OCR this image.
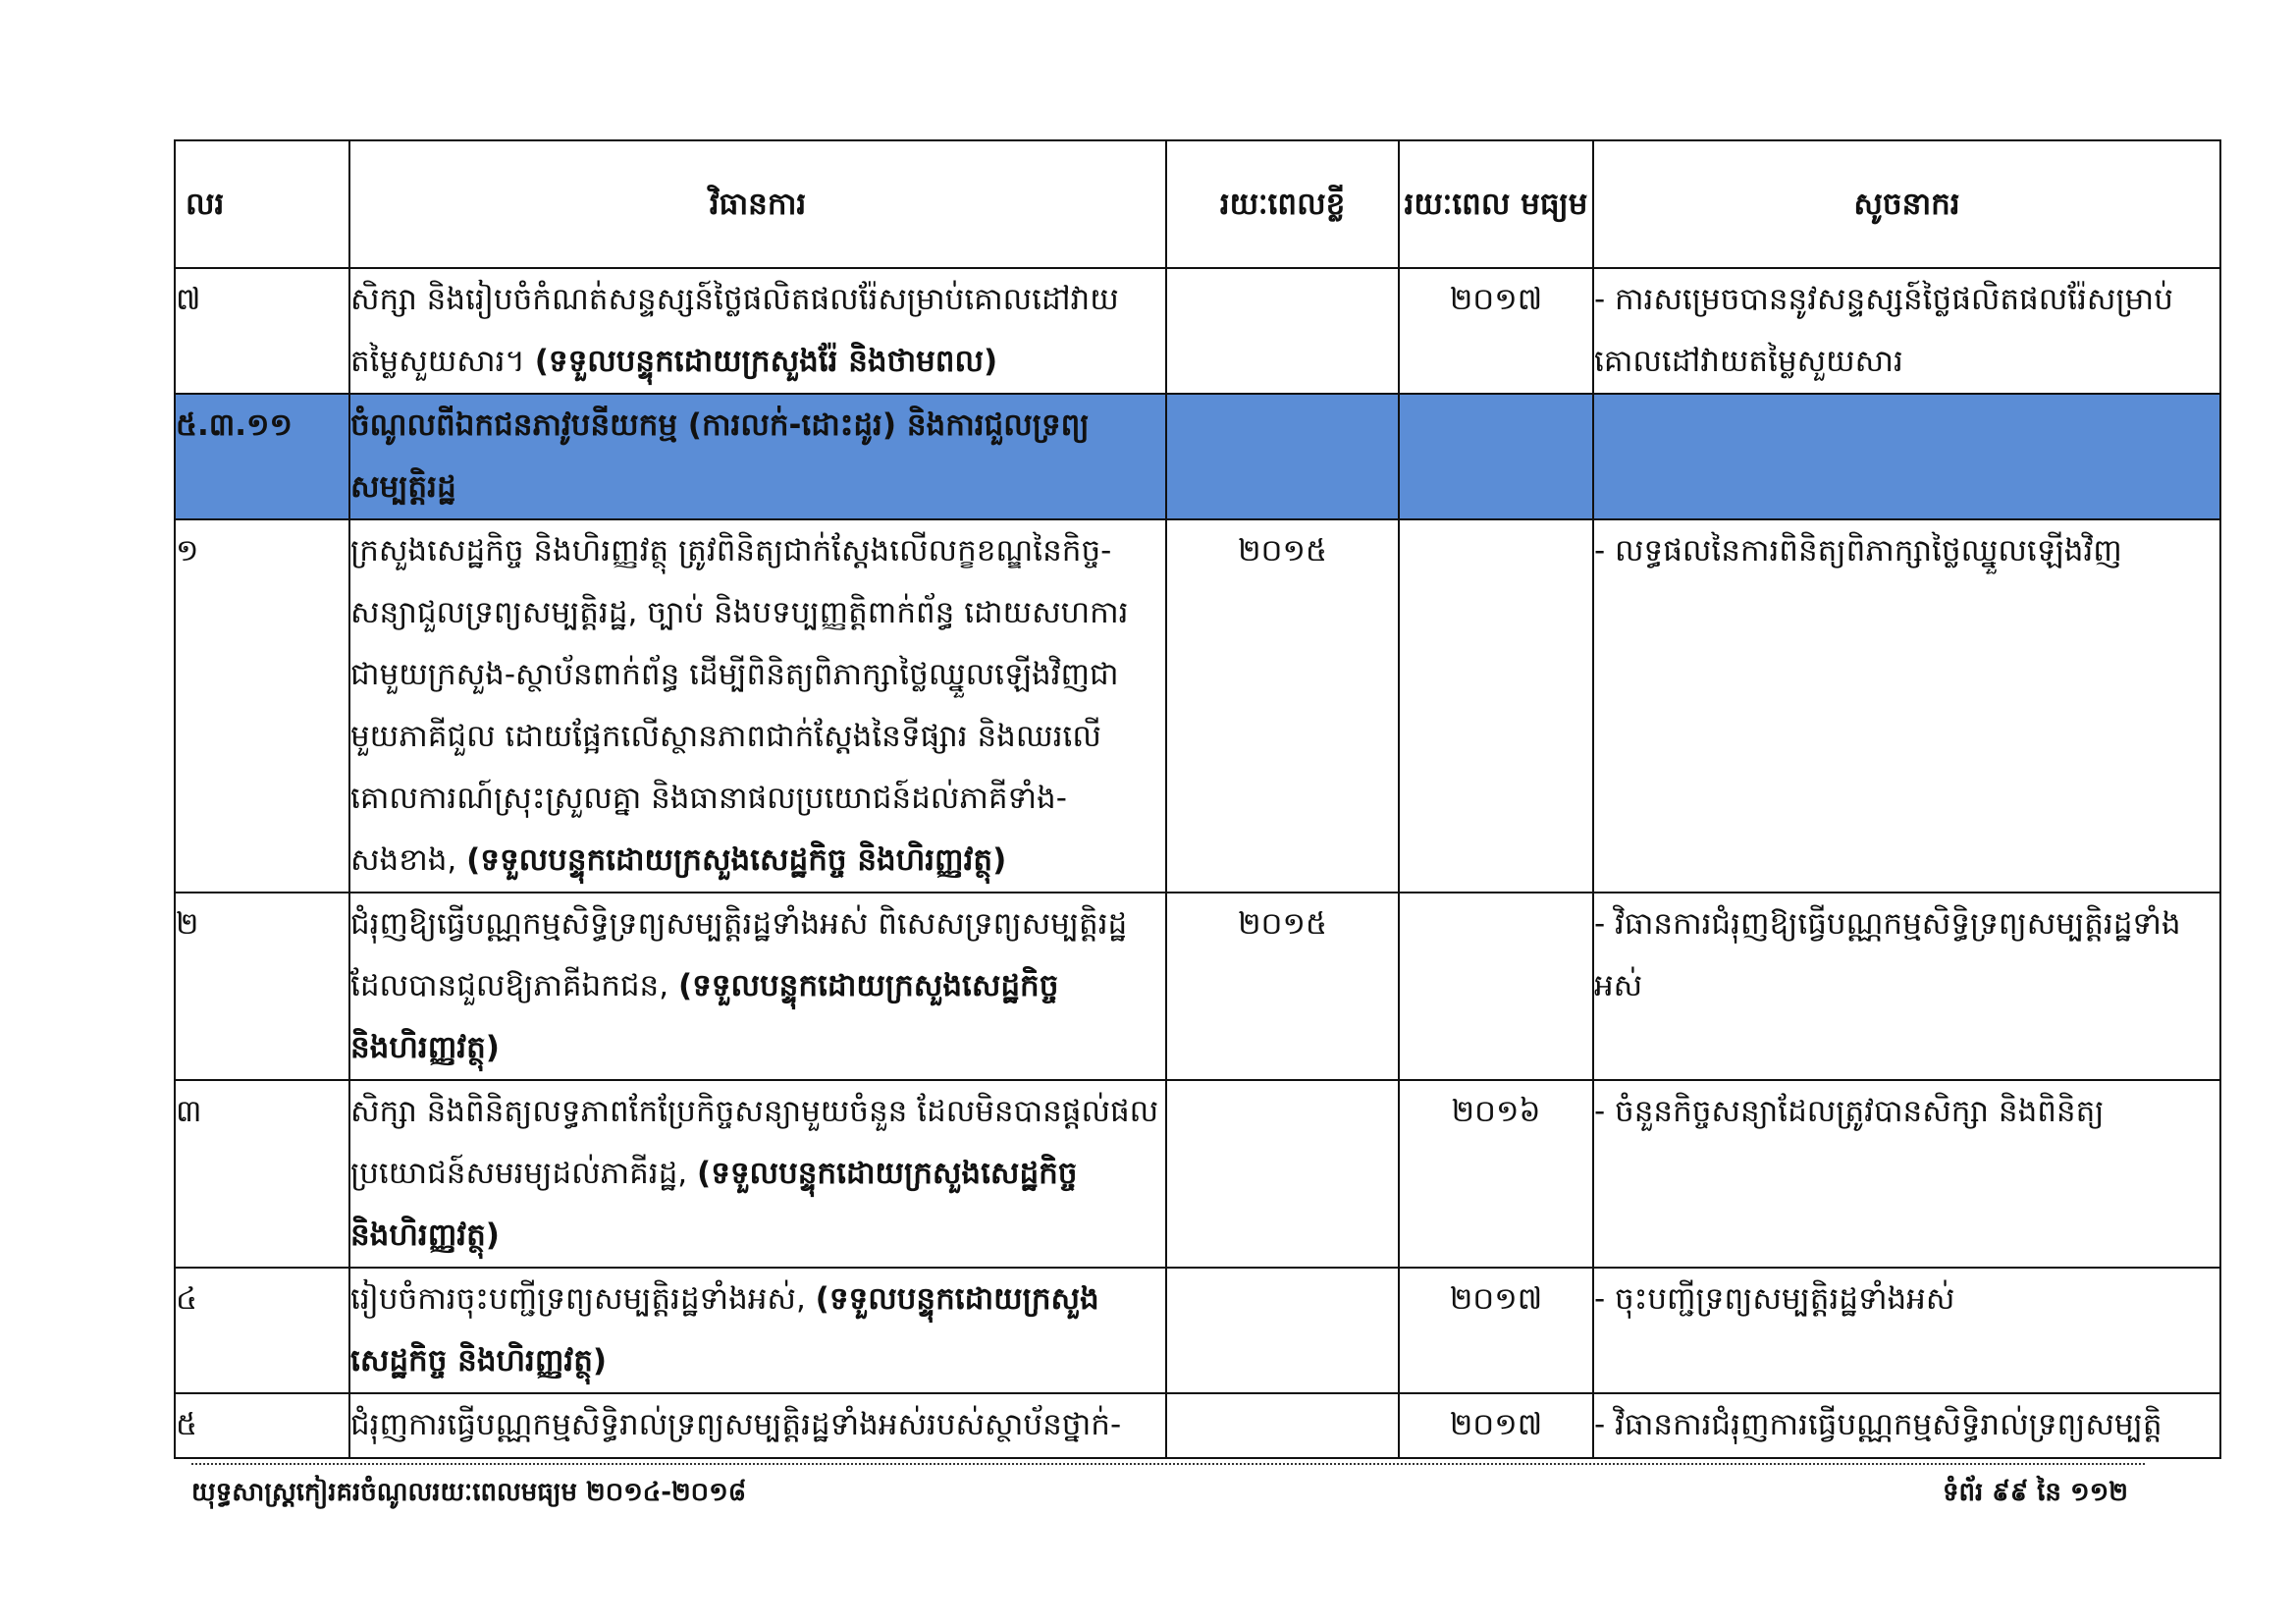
លរ	វិធានការ	រយៈពេលខ្លី	រយៈពេល មធ្យម	សូចនាករ
៧	សិក្សា និងរៀបចំកំណត់សន្ទស្សន៍ថ្លៃផលិតផលរ៉ែសម្រាប់គោលដៅវាយតម្លៃសួយសារ។ (ទទួលបន្ទុកដោយក្រសួងរ៉ែ និងថាមពល)		២០១៧	- ការសម្រេចបាននូវសន្ទស្សន៍ថ្លៃផលិតផលរ៉ែសម្រាប់គោលដៅវាយតម្លៃសួយសារ
៥.៣.១១	ចំណូលពីឯកជនភាវូបនីយកម្ម (ការលក់-ដោះដូរ) និងការជួលទ្រព្យសម្បត្តិរដ្ឋ			
១	ក្រសួងសេដ្ឋកិច្ច និងហិរញ្ញវត្ថុ ត្រូវពិនិត្យជាក់ស្តែងលើលក្ខខណ្ឌនៃកិច្ច-សន្យាជួលទ្រព្យសម្បត្តិរដ្ឋ, ច្បាប់ និងបទប្បញ្ញត្តិពាក់ព័ន្ធ ដោយសហការជាមួយក្រសួង-ស្ថាប័នពាក់ព័ន្ធ ដើម្បីពិនិត្យពិភាក្សាថ្លៃឈ្នួលឡើងវិញជាមួយភាគីជួល ដោយផ្អែកលើស្ថានភាពជាក់ស្តែងនៃទីផ្សារ និងឈរលើគោលការណ៍ស្រុះស្រួលគ្នា និងធានាផលប្រយោជន៍ដល់ភាគីទាំង-សងខាង, (ទទួលបន្ទុកដោយក្រសួងសេដ្ឋកិច្ច និងហិរញ្ញវត្ថុ)	២០១៥		- លទ្ធផលនៃការពិនិត្យពិភាក្សាថ្លៃឈ្នួលឡើងវិញ
២	ជំរុញឱ្យធ្វើបណ្ណកម្មសិទ្ធិទ្រព្យសម្បត្តិរដ្ឋទាំងអស់ ពិសេសទ្រព្យសម្បត្តិរដ្ឋដែលបានជួលឱ្យភាគីឯកជន, (ទទួលបន្ទុកដោយក្រសួងសេដ្ឋកិច្ច និងហិរញ្ញវត្ថុ)	២០១៥		- វិធានការជំរុញឱ្យធ្វើបណ្ណកម្មសិទ្ធិទ្រព្យសម្បត្តិរដ្ឋទាំងអស់
៣	សិក្សា និងពិនិត្យលទ្ធភាពកែប្រែកិច្ចសន្យាមួយចំនួន ដែលមិនបានផ្តល់ផលប្រយោជន៍សមរម្យដល់ភាគីរដ្ឋ, (ទទួលបន្ទុកដោយក្រសួងសេដ្ឋកិច្ច និងហិរញ្ញវត្ថុ)		២០១៦	- ចំនួនកិច្ចសន្យាដែលត្រូវបានសិក្សា និងពិនិត្យ
៤	រៀបចំការចុះបញ្ជីទ្រព្យសម្បត្តិរដ្ឋទាំងអស់, (ទទួលបន្ទុកដោយក្រសួងសេដ្ឋកិច្ច និងហិរញ្ញវត្ថុ)		២០១៧	- ចុះបញ្ជីទ្រព្យសម្បត្តិរដ្ឋទាំងអស់
៥	ជំរុញការធ្វើបណ្ណកម្មសិទ្ធិរាល់ទ្រព្យសម្បត្តិរដ្ឋទាំងអស់របស់ស្ថាប័នថ្នាក់-		២០១៧	- វិធានការជំរុញការធ្វើបណ្ណកម្មសិទ្ធិរាល់ទ្រព្យសម្បត្តិ
យុទ្ធសាស្ត្រកៀរគរចំណូលរយៈពេលមធ្យម ២០១៤-២០១៨	ទំព័រ ៩៩ នៃ ១១២
